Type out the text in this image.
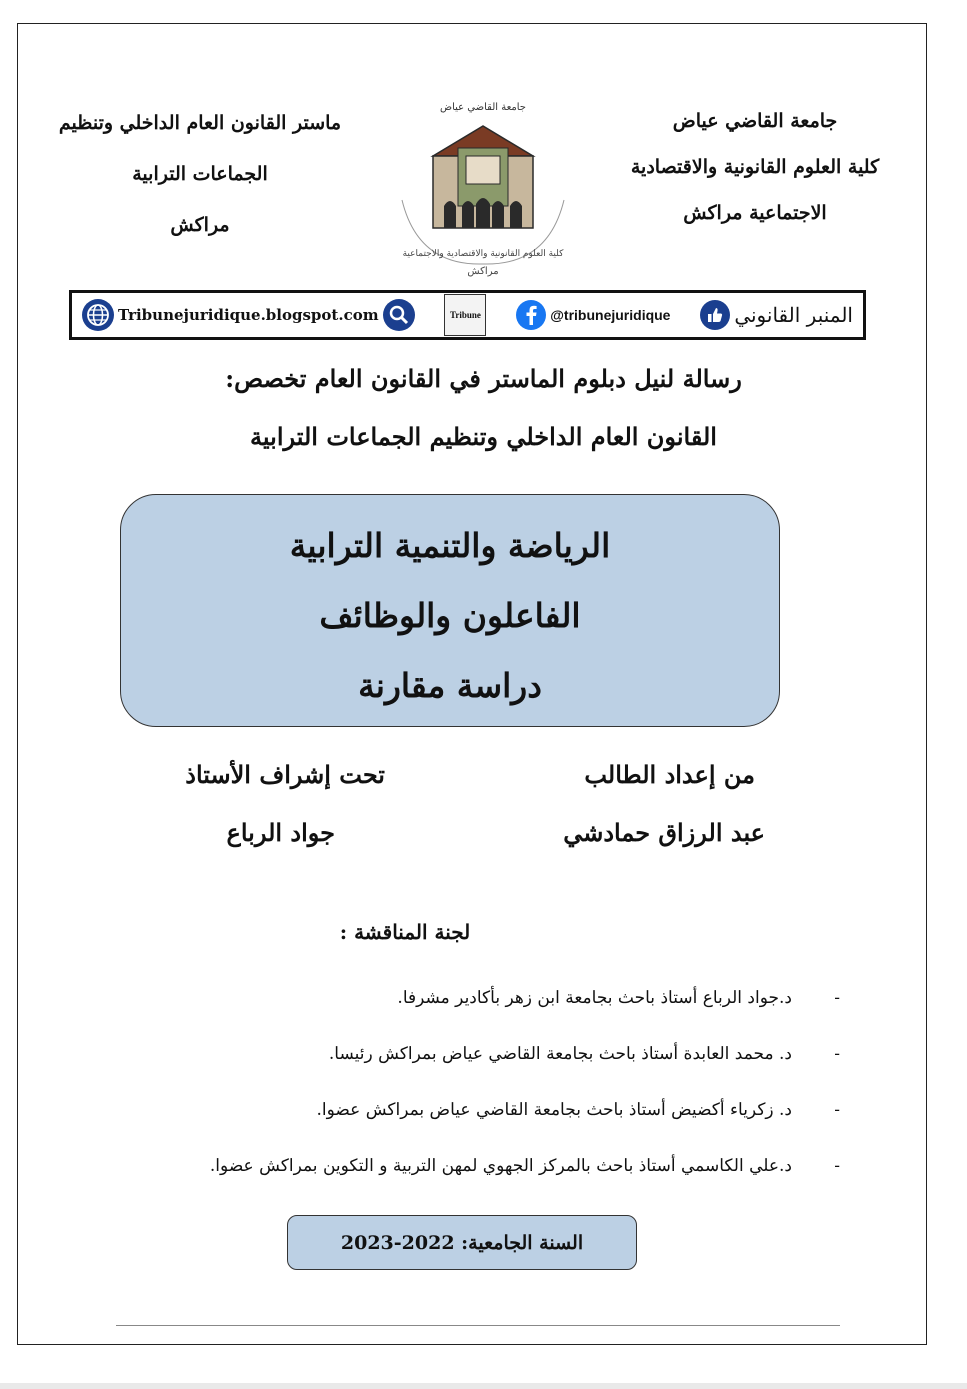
ماستر القانون العام الداخلي وتنظيم
الجماعات الترابية
مراكش
جامعة القاضي عياض
كلية العلوم القانونية والاقتصادية
الاجتماعية مراكش
جامعة القاضي عياض
كلية العلوم القانونية والاقتصادية والاجتماعية
مراكش
Tribunejuridique.blogspot.com	Tribune	@tribunejuridique	المنبر القانوني
رسالة لنيل دبلوم الماستر في القانون العام تخصص:
القانون العام الداخلي وتنظيم الجماعات الترابية
الرياضة والتنمية الترابية
الفاعلون والوظائف
دراسة مقارنة
من إعداد الطالب
عبد الرزاق حمادشي
تحت إشراف الأستاذ
جواد الرباع
لجنة المناقشة :
-
د.جواد الرباع أستاذ باحث بجامعة ابن زهر بأكادير مشرفا.
-
د. محمد العابدة أستاذ باحث بجامعة القاضي عياض بمراكش رئيسا.
-
د. زكرياء أكضيض أستاذ باحث بجامعة القاضي عياض بمراكش عضوا.
-
د.علي الكاسمي أستاذ باحث بالمركز الجهوي لمهن التربية و التكوين بمراكش عضوا.
السنة الجامعية: 2022-2023
